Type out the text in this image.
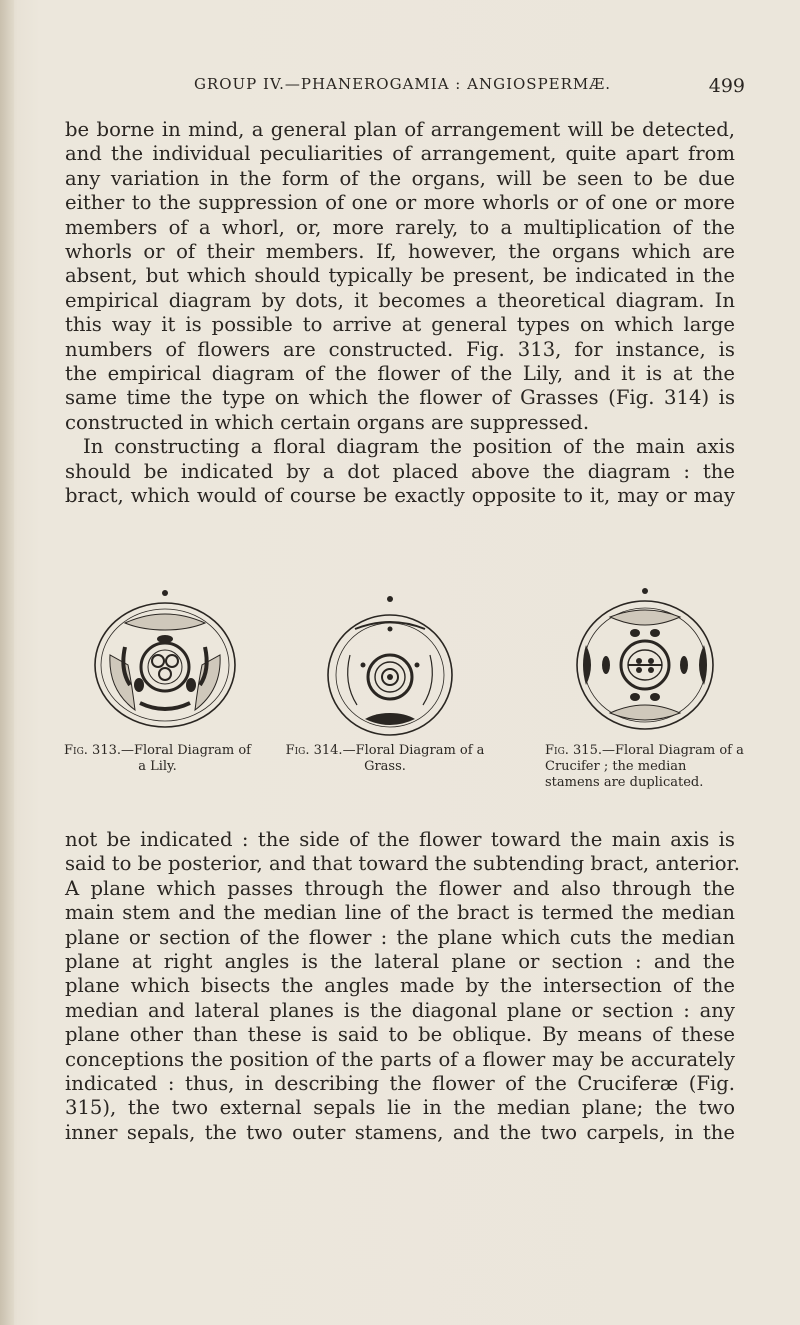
GROUP IV.—PHANEROGAMIA : ANGIOSPERMÆ.	499
be borne in mind, a general plan of arrangement will be detected,
and the individual peculiarities of arrangement, quite apart from
any variation in the form of the organs, will be seen to be due
either to the suppression of one or more whorls or of one or more
members of a whorl, or, more rarely, to a multiplication of the
whorls or of their members. If, however, the organs which are
absent, but which should typically be present, be indicated in the
empirical diagram by dots, it becomes a theoretical diagram. In
this way it is possible to arrive at general types on which large
numbers of flowers are constructed. Fig. 313, for instance, is
the empirical diagram of the flower of the Lily, and it is at the
same time the type on which the flower of Grasses (Fig. 314) is
constructed in which certain organs are suppressed.
In constructing a floral diagram the position of the main axis
should be indicated by a dot placed above the diagram : the
bract, which would of course be exactly opposite to it, may or may
Fig. 313.—Floral Diagram of a Lily.
Fig. 314.—Floral Diagram of a Grass.
Fig. 315.—Floral Diagram of a Crucifer ; the median stamens are duplicated.
not be indicated : the side of the flower toward the main axis is
said to be posterior, and that toward the subtending bract, anterior.
A plane which passes through the flower and also through the
main stem and the median line of the bract is termed the median
plane or section of the flower : the plane which cuts the median
plane at right angles is the lateral plane or section : and the
plane which bisects the angles made by the intersection of the
median and lateral planes is the diagonal plane or section : any
plane other than these is said to be oblique. By means of these
conceptions the position of the parts of a flower may be accurately
indicated : thus, in describing the flower of the Cruciferæ (Fig.
315), the two external sepals lie in the median plane; the two
inner sepals, the two outer stamens, and the two carpels, in the
